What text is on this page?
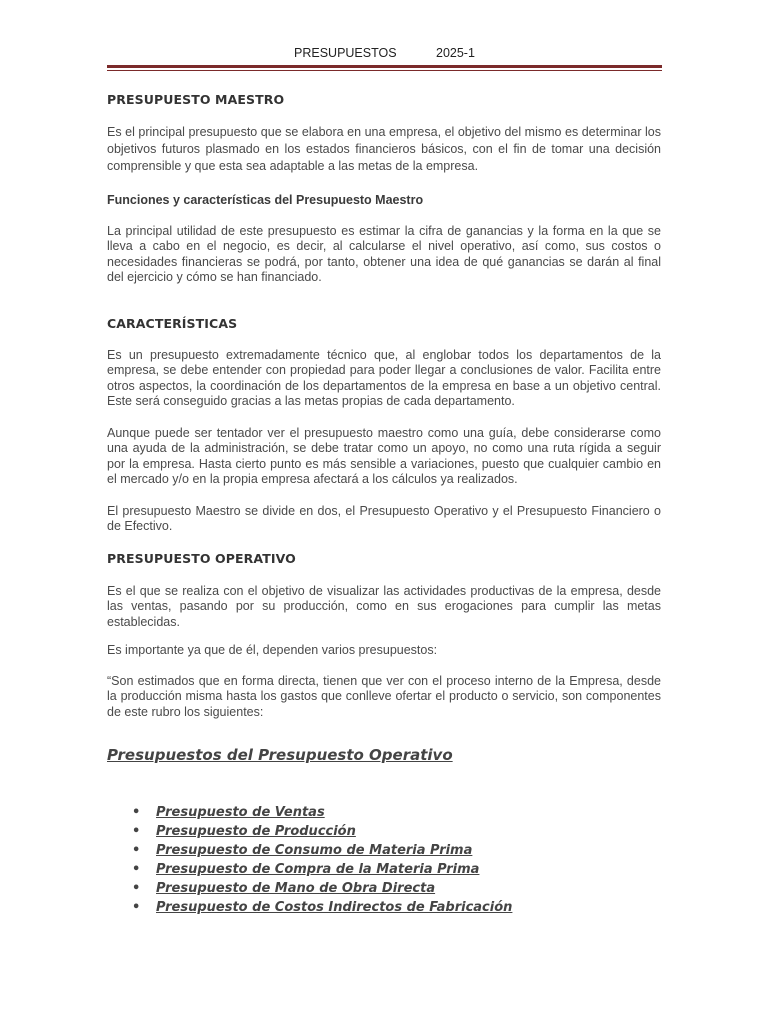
PRESUPUESTOS	2025-1
PRESUPUESTO MAESTRO

Es el principal presupuesto que se elabora en una empresa, el objetivo del mismo es determinar los objetivos futuros plasmado en los estados financieros básicos, con el fin de tomar una decisión comprensible y que esta sea adaptable a las metas de la empresa.

Funciones y características del Presupuesto Maestro

La principal utilidad de este presupuesto es estimar la cifra de ganancias y la forma en la que se lleva a cabo en el negocio, es decir, al calcularse el nivel operativo, así como, sus costos o necesidades financieras se podrá, por tanto, obtener una idea de qué ganancias se darán al final del ejercicio y cómo se han financiado.

CARACTERÍSTICAS

Es un presupuesto extremadamente técnico que, al englobar todos los departamentos de la empresa, se debe entender con propiedad para poder llegar a conclusiones de valor. Facilita entre otros aspectos, la coordinación de los departamentos de la empresa en base a un objetivo central. Este será conseguido gracias a las metas propias de cada departamento.

Aunque puede ser tentador ver el presupuesto maestro como una guía, debe considerarse como una ayuda de la administración, se debe tratar como un apoyo, no como una ruta rígida a seguir por la empresa. Hasta cierto punto es más sensible a variaciones, puesto que cualquier cambio en el mercado y/o en la propia empresa afectará a los cálculos ya realizados.

El presupuesto Maestro se divide en dos, el Presupuesto Operativo y el Presupuesto Financiero o de Efectivo.

PRESUPUESTO OPERATIVO

Es el que se realiza con el objetivo de visualizar las actividades productivas de la empresa, desde las ventas, pasando por su producción, como en sus erogaciones para cumplir las metas establecidas.

Es importante ya que de él, dependen varios presupuestos:

“Son estimados que en forma directa, tienen que ver con el proceso interno de la Empresa, desde la producción misma hasta los gastos que conlleve ofertar el producto o servicio, son componentes de este rubro los siguientes:

Presupuestos del Presupuesto Operativo
• Presupuesto de Ventas
• Presupuesto de Producción
• Presupuesto de Consumo de Materia Prima
• Presupuesto de Compra de la Materia Prima
• Presupuesto de Mano de Obra Directa
• Presupuesto de Costos Indirectos de Fabricación
